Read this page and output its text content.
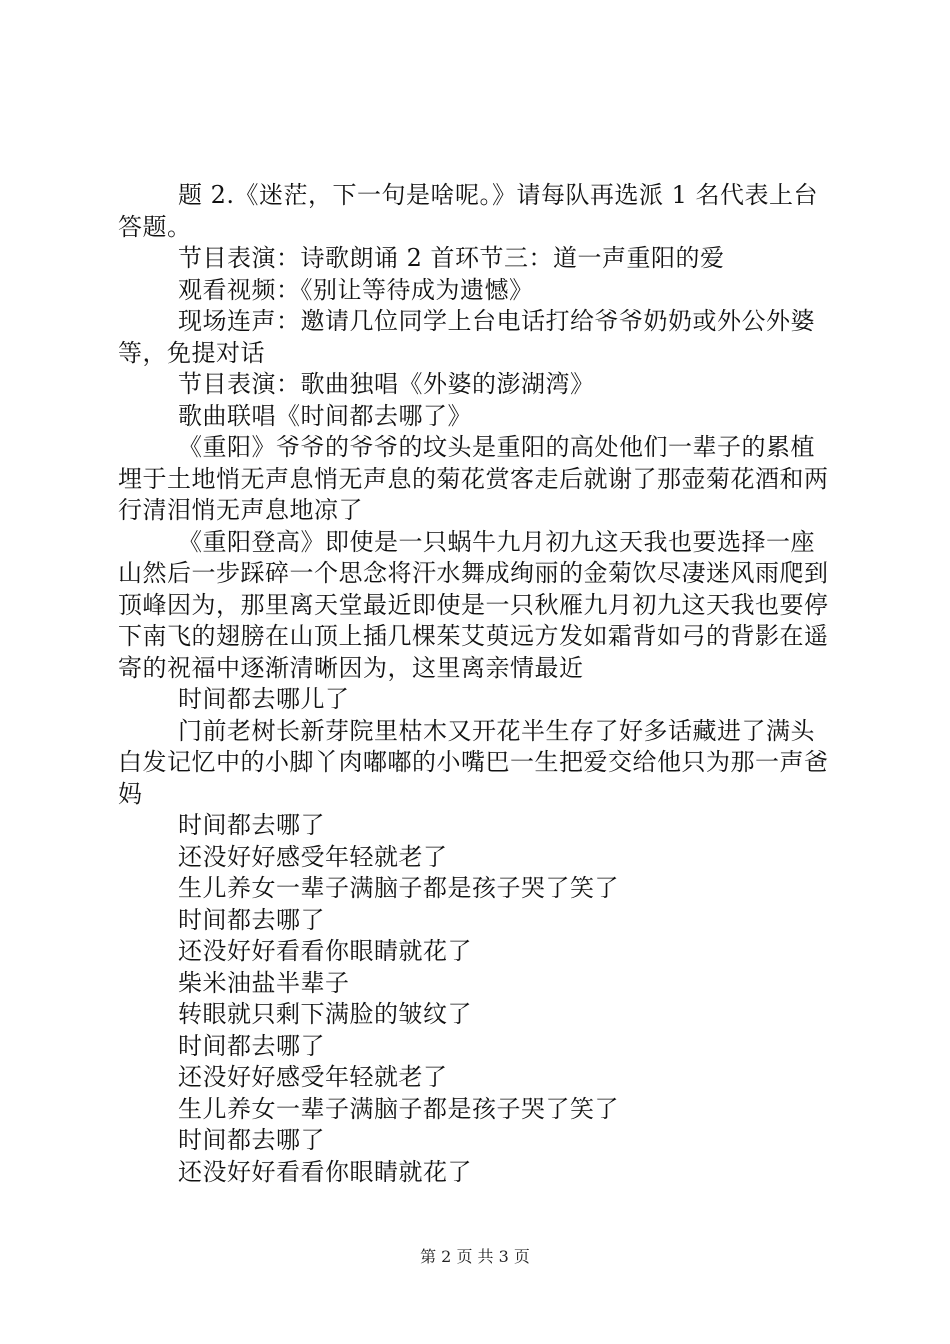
题 2.《迷茫，下一句是啥呢。》请每队再选派 1 名代表上台答题。

节目表演：诗歌朗诵 2 首环节三：道一声重阳的爱

观看视频：《别让等待成为遗憾》

现场连声：邀请几位同学上台电话打给爷爷奶奶或外公外婆等，免提对话

节目表演：歌曲独唱《外婆的澎湖湾》

歌曲联唱《时间都去哪了》

《重阳》爷爷的爷爷的坟头是重阳的高处他们一辈子的累植埋于土地悄无声息悄无声息的菊花赏客走后就谢了那壶菊花酒和两行清泪悄无声息地凉了

《重阳登高》即使是一只蜗牛九月初九这天我也要选择一座山然后一步踩碎一个思念将汗水舞成绚丽的金菊饮尽凄迷风雨爬到顶峰因为，那里离天堂最近即使是一只秋雁九月初九这天我也要停下南飞的翅膀在山顶上插几棵茱艾萸远方发如霜背如弓的背影在遥寄的祝福中逐渐清晰因为，这里离亲情最近

时间都去哪儿了

门前老树长新芽院里枯木又开花半生存了好多话藏进了满头白发记忆中的小脚丫肉嘟嘟的小嘴巴一生把爱交给他只为那一声爸妈

时间都去哪了

还没好好感受年轻就老了

生儿养女一辈子满脑子都是孩子哭了笑了

时间都去哪了

还没好好看看你眼睛就花了

柴米油盐半辈子

转眼就只剩下满脸的皱纹了

时间都去哪了

还没好好感受年轻就老了

生儿养女一辈子满脑子都是孩子哭了笑了

时间都去哪了

还没好好看看你眼睛就花了

第 2 页 共 3 页
